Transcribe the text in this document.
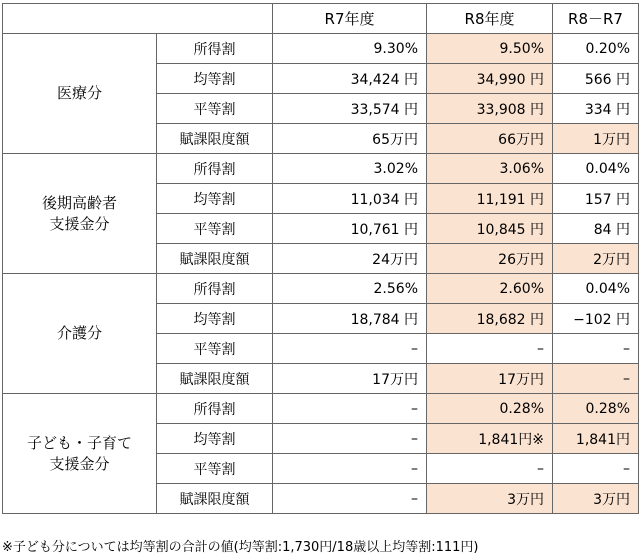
		R7年度	R8年度	R8－R7

医療分	所得割	9.30%	9.50%	0.20%
	均等割	34,424 円	34,990 円	566 円
	平等割	33,574 円	33,908 円	334 円
	賦課限度額	65万円	66万円	1万円

後期高齢者
支援金分	所得割	3.02%	3.06%	0.04%
	均等割	11,034 円	11,191 円	157 円
	平等割	10,761 円	10,845 円	84 円
	賦課限度額	24万円	26万円	2万円

介護分	所得割	2.56%	2.60%	0.04%
	均等割	18,784 円	18,682 円	−102 円
	平等割	–	–	–
	賦課限度額	17万円	17万円	–

子ども・子育て
支援金分	所得割	–	0.28%	0.28%
	均等割	–	1,841円※	1,841円
	平等割	–	–	–
	賦課限度額	–	3万円	3万円
※子ども分については均等割の合計の値(均等割:1,730円/18歳以上均等割:111円)
